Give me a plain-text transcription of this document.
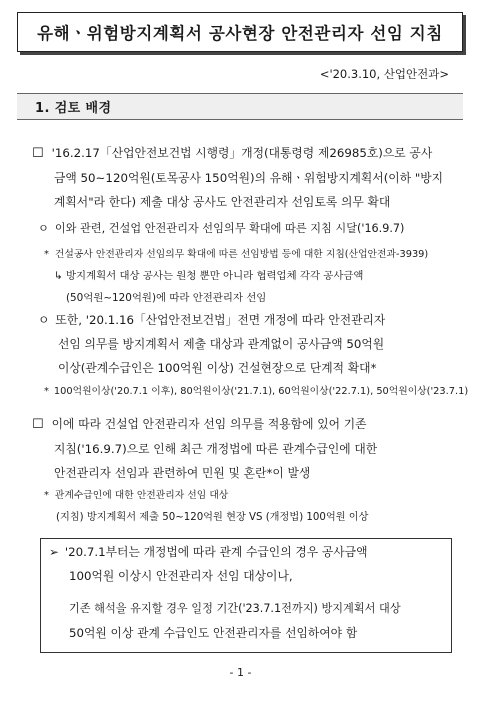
유해ㆍ위험방지계획서 공사현장 안전관리자 선임 지침
<'20.3.10, 산업안전과>
1. 검토 배경
☐ '16.2.17「산업안전보건법 시행령」개정(대통령령 제26985호)으로 공사
금액 50~120억원(토목공사 150억원)의 유해ㆍ위험방지계획서(이하 "방지
계획서"라 한다) 제출 대상 공사도 안전관리자 선임토록 의무 확대
ㅇ 이와 관련, 건설업 안전관리자 선임의무 확대에 따른 지침 시달('16.9.7)
* 건설공사 안전관리자 선임의무 확대에 따른 선임방법 등에 대한 지침(산업안전과-3939)
↳ 방지계획서 대상 공사는 원청 뿐만 아니라 협력업체 각각 공사금액
(50억원~120억원)에 따라 안전관리자 선임
ㅇ 또한, '20.1.16「산업안전보건법」전면 개정에 따라 안전관리자
선임 의무를 방지계획서 제출 대상과 관계없이 공사금액 50억원
이상(관계수급인은 100억원 이상) 건설현장으로 단계적 확대*
* 100억원이상('20.7.1 이후), 80억원이상('21.7.1), 60억원이상('22.7.1), 50억원이상('23.7.1)
☐ 이에 따라 건설업 안전관리자 선임 의무를 적용함에 있어 기존
지침('16.9.7)으로 인해 최근 개정법에 따른 관계수급인에 대한
안전관리자 선임과 관련하여 민원 및 혼란*이 발생
* 관계수급인에 대한 안전관리자 선임 대상
(지침) 방지계획서 제출 50~120억원 현장 VS (개정법) 100억원 이상
➢ '20.7.1부터는 개정법에 따라 관계 수급인의 경우 공사금액
100억원 이상시 안전관리자 선임 대상이나,
기존 해석을 유지할 경우 일정 기간('23.7.1전까지) 방지계획서 대상
50억원 이상 관계 수급인도 안전관리자를 선임하여야 함
- 1 -
